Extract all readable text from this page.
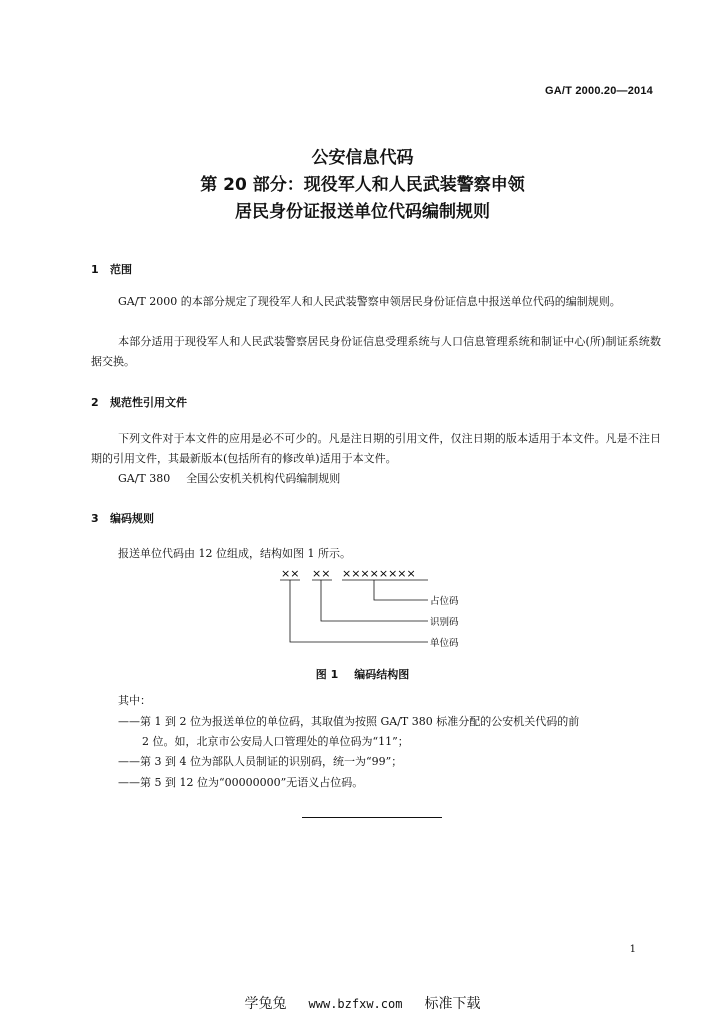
GA/T 2000.20—2014
公安信息代码
第 20 部分：现役军人和人民武装警察申领
居民身份证报送单位代码编制规则
1 范围
GA/T 2000 的本部分规定了现役军人和人民武装警察申领居民身份证信息中报送单位代码的编制规则。
本部分适用于现役军人和人民武装警察居民身份证信息受理系统与人口信息管理系统和制证中心(所)制证系统数据交换。
2 规范性引用文件
下列文件对于本文件的应用是必不可少的。凡是注日期的引用文件，仅注日期的版本适用于本文件。凡是不注日期的引用文件，其最新版本(包括所有的修改单)适用于本文件。
GA/T 380 全国公安机关机构代码编制规则
3 编码规则
报送单位代码由 12 位组成，结构如图 1 所示。
×× ×× ××××××××
占位码
识别码
单位码
图 1 编码结构图
其中：
——第 1 到 2 位为报送单位的单位码，其取值为按照 GA/T 380 标准分配的公安机关代码的前
2 位。如，北京市公安局人口管理处的单位码为“11”；
——第 3 到 4 位为部队人员制证的识别码，统一为“99”；
——第 5 到 12 位为“00000000”无语义占位码。
1
学兔兔 www.bzfxw.com 标准下载
